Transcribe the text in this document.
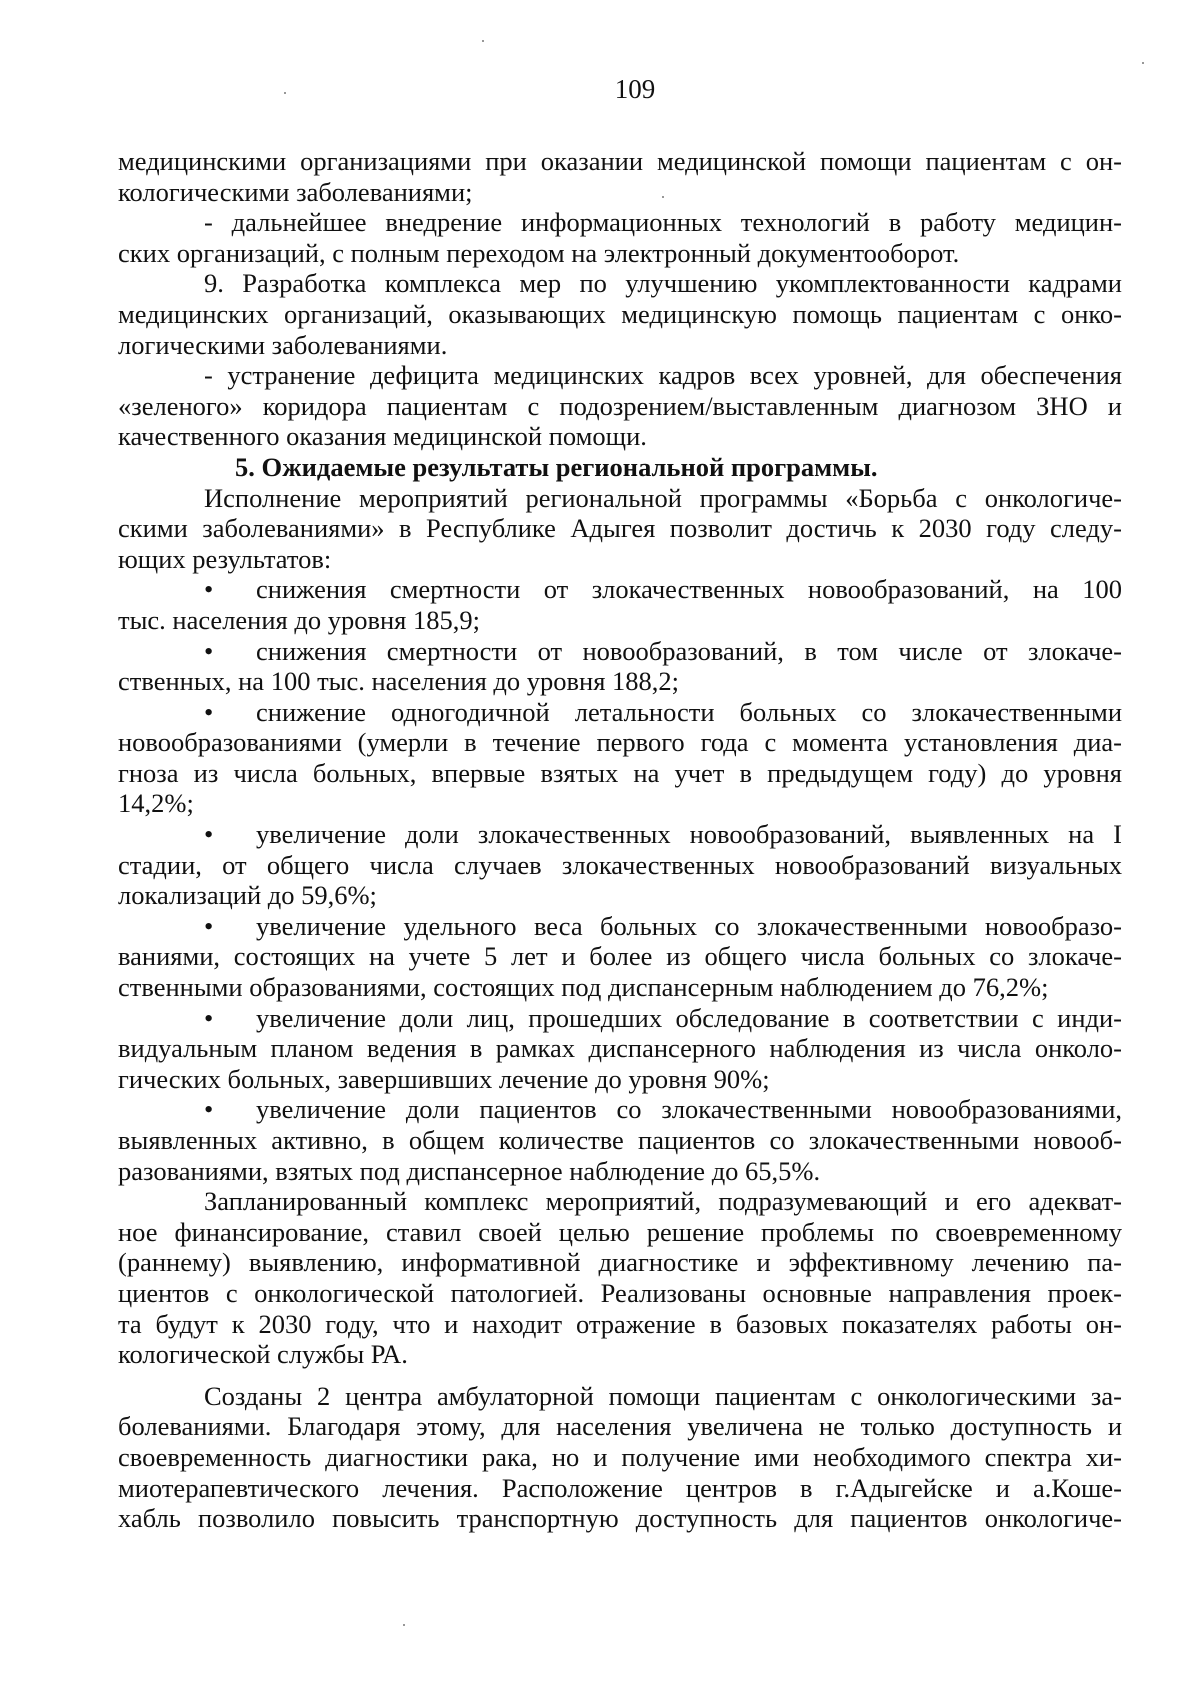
109
медицинскими организациями при оказании медицинской помощи пациентам с он-
кологическими заболеваниями;
- дальнейшее внедрение информационных технологий в работу медицин-
ских организаций, с полным переходом на электронный документооборот.
9. Разработка комплекса мер по улучшению укомплектованности кадрами
медицинских организаций, оказывающих медицинскую помощь пациентам с онко-
логическими заболеваниями.
- устранение дефицита медицинских кадров всех уровней, для обеспечения
«зеленого» коридора пациентам с подозрением/выставленным диагнозом ЗНО и
качественного оказания медицинской помощи.
5. Ожидаемые результаты региональной программы.
Исполнение мероприятий региональной программы «Борьба с онкологиче-
скими заболеваниями» в Республике Адыгея позволит достичь к 2030 году следу-
ющих результатов:
•	снижения смертности от злокачественных новообразований, на 100
тыс. населения до уровня 185,9;
•	снижения смертности от новообразований, в том числе от злокаче-
ственных, на 100 тыс. населения до уровня 188,2;
•	снижение одногодичной летальности больных со злокачественными
новообразованиями (умерли в течение первого года с момента установления диа-
гноза из числа больных, впервые взятых на учет в предыдущем году) до уровня
14,2%;
•	увеличение доли злокачественных новообразований, выявленных на I
стадии, от общего числа случаев злокачественных новообразований визуальных
локализаций до 59,6%;
•	увеличение удельного веса больных со злокачественными новообразо-
ваниями, состоящих на учете 5 лет и более из общего числа больных со злокаче-
ственными образованиями, состоящих под диспансерным наблюдением до 76,2%;
•	увеличение доли лиц, прошедших обследование в соответствии с инди-
видуальным планом ведения в рамках диспансерного наблюдения из числа онколо-
гических больных, завершивших лечение до уровня 90%;
•	увеличение доли пациентов со злокачественными новообразованиями,
выявленных активно, в общем количестве пациентов со злокачественными новооб-
разованиями, взятых под диспансерное наблюдение до 65,5%.
Запланированный комплекс мероприятий, подразумевающий и его адекват-
ное финансирование, ставил своей целью решение проблемы по своевременному
(раннему) выявлению, информативной диагностике и эффективному лечению па-
циентов с онкологической патологией. Реализованы основные направления проек-
та будут к 2030 году, что и находит отражение в базовых показателях работы он-
кологической службы РА.
Созданы 2 центра амбулаторной помощи пациентам с онкологическими за-
болеваниями. Благодаря этому, для населения увеличена не только доступность и
своевременность диагностики рака, но и получение ими необходимого спектра хи-
миотерапевтического лечения. Расположение центров в г.Адыгейске и а.Коше-
хабль позволило повысить транспортную доступность для пациентов онкологиче-
